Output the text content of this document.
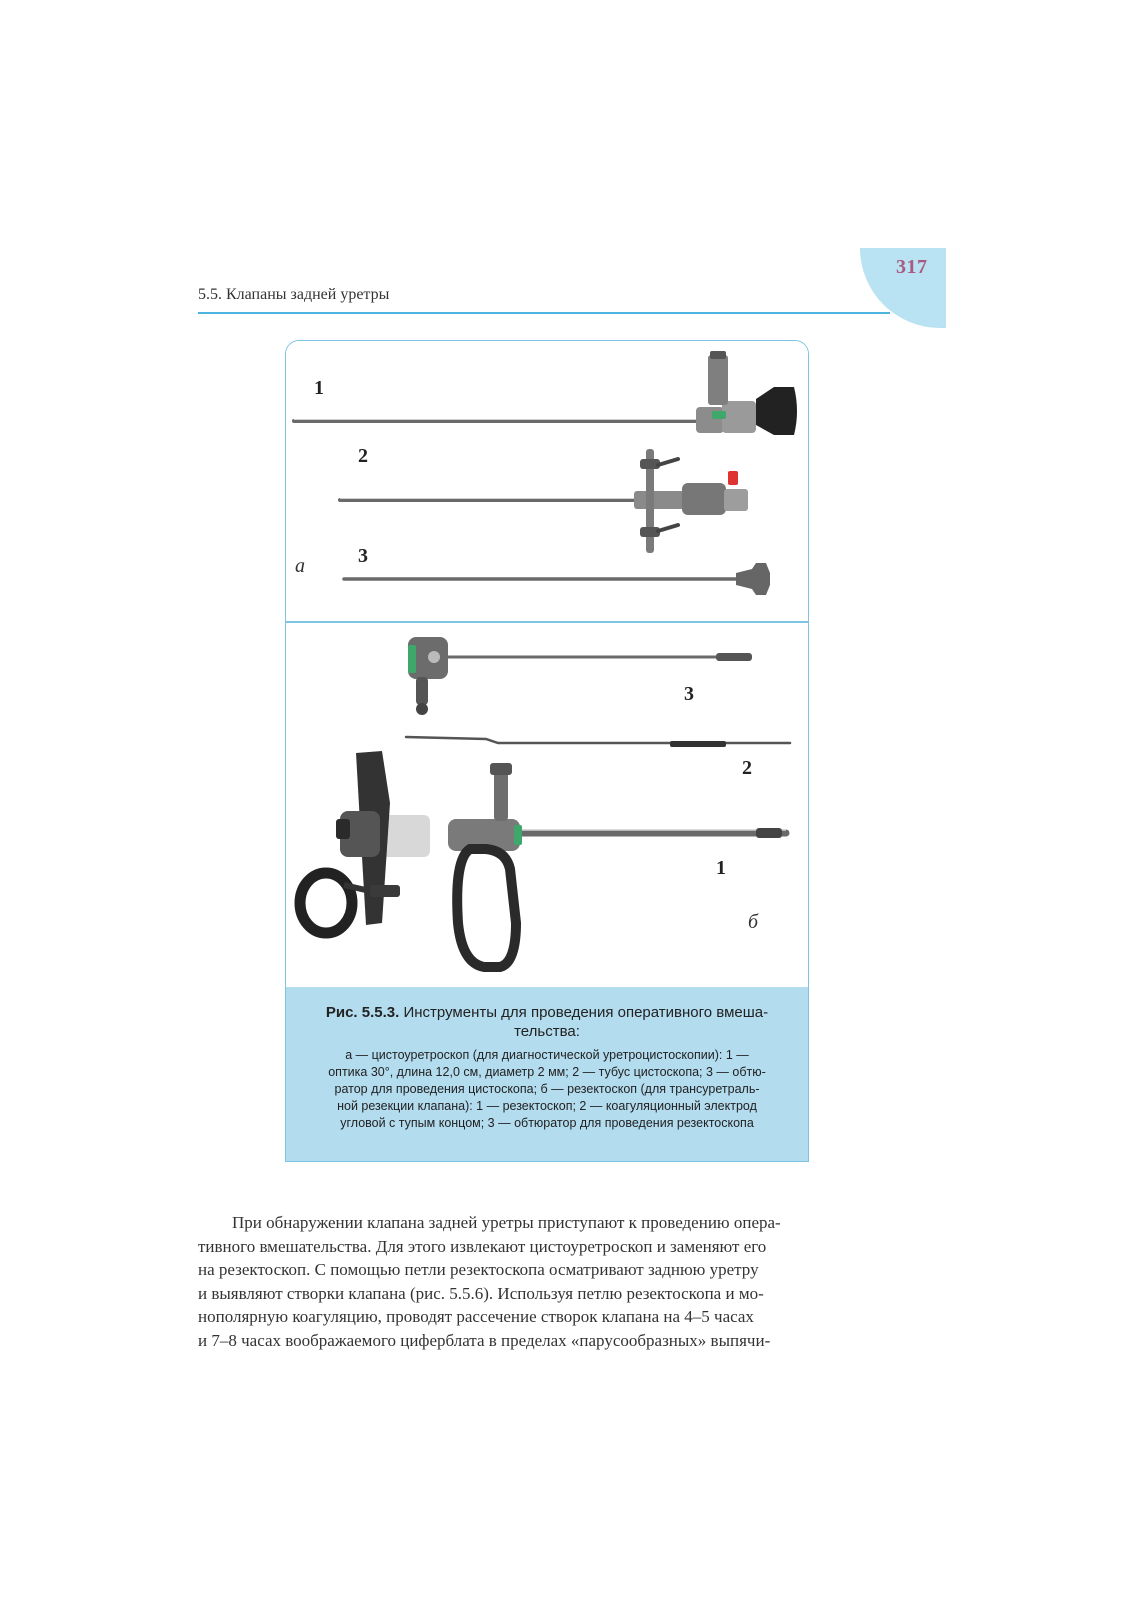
317
5.5. Клапаны задней уретры
1
2
3
а
3
2
1
б
Рис. 5.5.3. Инструменты для проведения оперативного вмеша-
тельства:
а — цистоуретроскоп (для диагностической уретроцистоскопии): 1 —
оптика 30°, длина 12,0 см, диаметр 2 мм; 2 — тубус цистоскопа; 3 — обтю-
ратор для проведения цистоскопа; б — резектоскоп (для трансуретраль-
ной резекции клапана): 1 — резектоскоп; 2 — коагуляционный электрод
угловой с тупым концом; 3 — обтюратор для проведения резектоскопа
При обнаружении клапана задней уретры приступают к проведению опера-
тивного вмешательства. Для этого извлекают цистоуретроскоп и заменяют его
на резектоскоп. С помощью петли резектоскопа осматривают заднюю уретру
и выявляют створки клапана (рис. 5.5.6). Используя петлю резектоскопа и мо-
нополярную коагуляцию, проводят рассечение створок клапана на 4–5 часах
и 7–8 часах воображаемого циферблата в пределах «парусообразных» выпячи-
